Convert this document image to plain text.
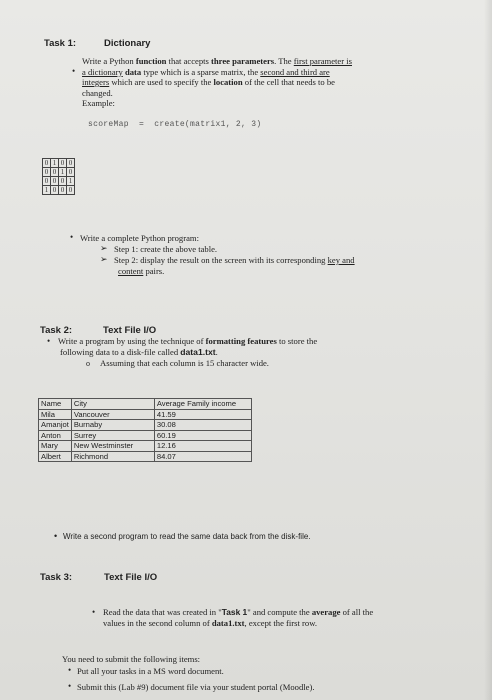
Task 1:	Dictionary
•
Write a Python function that accepts three parameters. The first parameter is
a dictionary data type which is a sparse matrix, the second and third are
integers which are used to specify the location of the cell that needs to be
changed.
Example:
scoreMap  =  create(matrix1, 2, 3)
0	1	0	0
0	0	1	0
0	0	0	1
1	0	0	0
• Write a complete Python program:
➢ Step 1: create the above table.
➢ Step 2: display the result on the screen with its corresponding key and
content pairs.
Task 2:	Text File I/O
• Write a program by using the technique of formatting features to store the
following data to a disk-file called data1.txt.
o Assuming that each column is 15 character wide.
Name	City	Average Family income
Mila	Vancouver	41.59
Amanjot	Burnaby	30.08
Anton	Surrey	60.19
Mary	New Westminster	12.16
Albert	Richmond	84.07
• Write a second program to read the same data back from the disk-file.
Task 3:	Text File I/O
• Read the data that was created in "Task 1" and compute the average of all the
values in the second column of data1.txt, except the first row.
You need to submit the following items:
• Put all your tasks in a MS word document.
• Submit this (Lab #9) document file via your student portal (Moodle).
